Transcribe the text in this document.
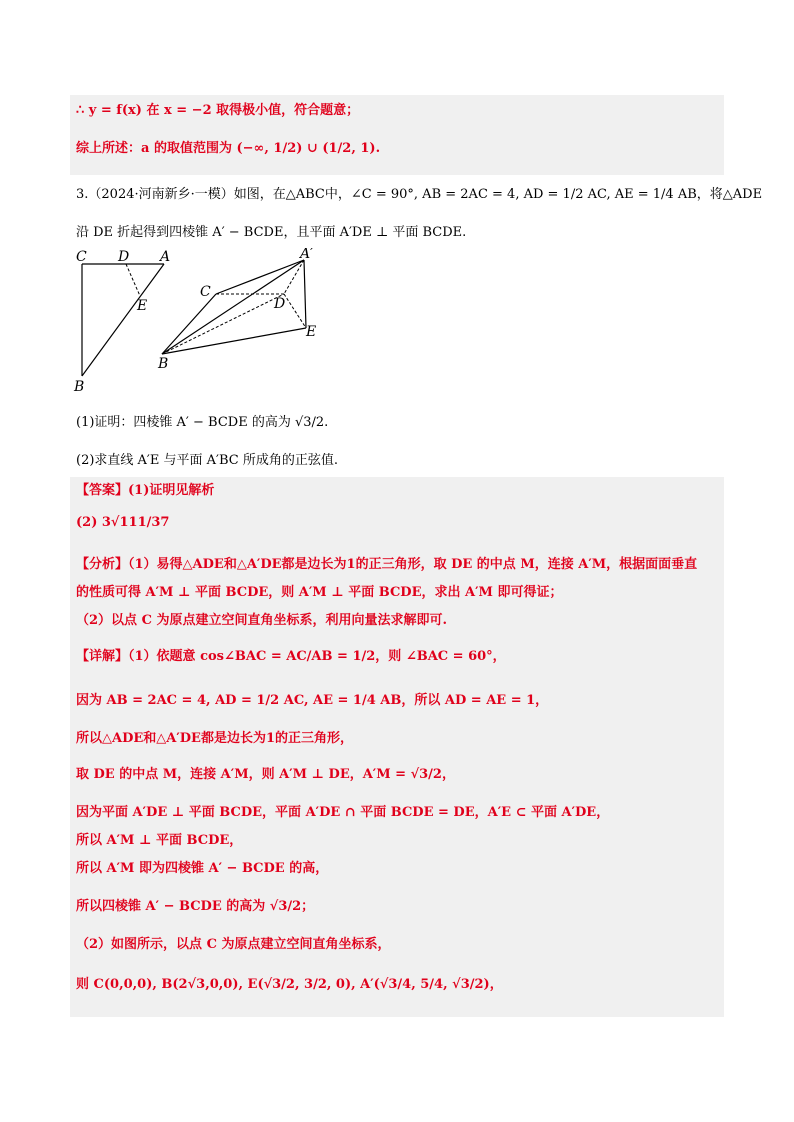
∴ y = f(x) 在 x = −2 取得极小值，符合题意；
综上所述：a 的取值范围为 (−∞, 1/2) ∪ (1/2, 1).
3.（2024·河南新乡·一模）如图，在△ABC中，∠C = 90°, AB = 2AC = 4, AD = 1/2 AC, AE = 1/4 AB，将△ADE
沿 DE 折起得到四棱锥 A′ − BCDE，且平面 A′DE ⊥ 平面 BCDE.
C D A
E
B
A′
C
D
E
B
(1)证明：四棱锥 A′ − BCDE 的高为 √3/2.
(2)求直线 A′E 与平面 A′BC 所成角的正弦值.
【答案】(1)证明见解析
(2) 3√111/37
【分析】（1）易得△ADE和△A′DE都是边长为1的正三角形，取 DE 的中点 M，连接 A′M，根据面面垂直
的性质可得 A′M ⊥ 平面 BCDE，则 A′M ⊥ 平面 BCDE，求出 A′M 即可得证；
（2）以点 C 为原点建立空间直角坐标系，利用向量法求解即可.
【详解】（1）依题意 cos∠BAC = AC/AB = 1/2，则 ∠BAC = 60°，
因为 AB = 2AC = 4, AD = 1/2 AC, AE = 1/4 AB，所以 AD = AE = 1，
所以△ADE和△A′DE都是边长为1的正三角形，
取 DE 的中点 M，连接 A′M，则 A′M ⊥ DE，A′M = √3/2，
因为平面 A′DE ⊥ 平面 BCDE，平面 A′DE ∩ 平面 BCDE = DE，A′E ⊂ 平面 A′DE，
所以 A′M ⊥ 平面 BCDE，
所以 A′M 即为四棱锥 A′ − BCDE 的高，
所以四棱锥 A′ − BCDE 的高为 √3/2；
（2）如图所示，以点 C 为原点建立空间直角坐标系，
则 C(0,0,0), B(2√3,0,0), E(√3/2, 3/2, 0), A′(√3/4, 5/4, √3/2)，
